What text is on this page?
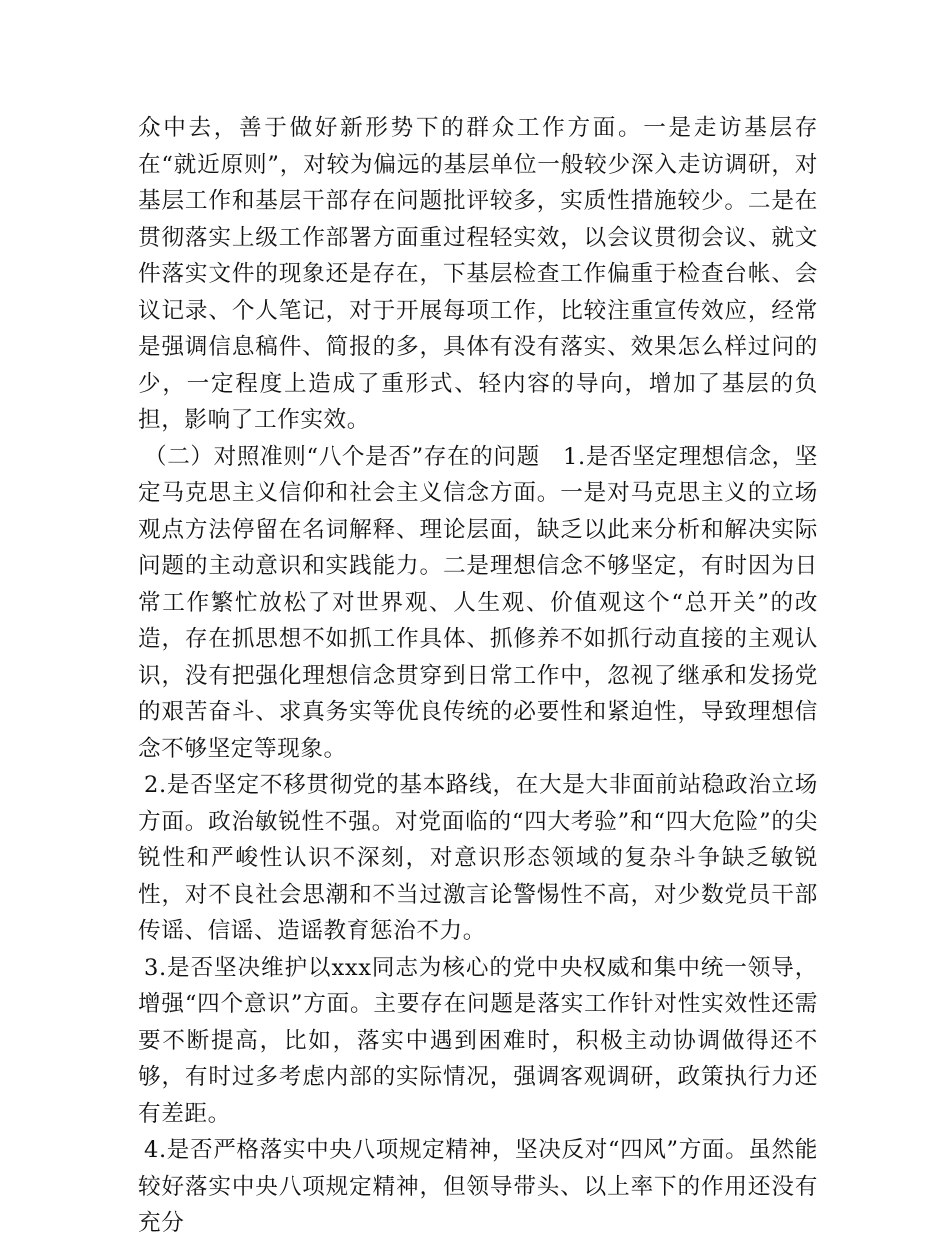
众中去，善于做好新形势下的群众工作方面。一是走访基层存在“就近原则”，对较为偏远的基层单位一般较少深入走访调研，对基层工作和基层干部存在问题批评较多，实质性措施较少。二是在贯彻落实上级工作部署方面重过程轻实效，以会议贯彻会议、就文件落实文件的现象还是存在，下基层检查工作偏重于检查台帐、会议记录、个人笔记，对于开展每项工作，比较注重宣传效应，经常是强调信息稿件、简报的多，具体有没有落实、效果怎么样过问的少，一定程度上造成了重形式、轻内容的导向，增加了基层的负担，影响了工作实效。

（二）对照准则“八个是否”存在的问题　1.是否坚定理想信念，坚定马克思主义信仰和社会主义信念方面。一是对马克思主义的立场观点方法停留在名词解释、理论层面，缺乏以此来分析和解决实际问题的主动意识和实践能力。二是理想信念不够坚定，有时因为日常工作繁忙放松了对世界观、人生观、价值观这个“总开关”的改造，存在抓思想不如抓工作具体、抓修养不如抓行动直接的主观认识，没有把强化理想信念贯穿到日常工作中，忽视了继承和发扬党的艰苦奋斗、求真务实等优良传统的必要性和紧迫性，导致理想信念不够坚定等现象。

2.是否坚定不移贯彻党的基本路线，在大是大非面前站稳政治立场方面。政治敏锐性不强。对党面临的“四大考验”和“四大危险”的尖锐性和严峻性认识不深刻，对意识形态领域的复杂斗争缺乏敏锐性，对不良社会思潮和不当过激言论警惕性不高，对少数党员干部传谣、信谣、造谣教育惩治不力。

3.是否坚决维护以xxx同志为核心的党中央权威和集中统一领导，增强“四个意识”方面。主要存在问题是落实工作针对性实效性还需要不断提高，比如，落实中遇到困难时，积极主动协调做得还不够，有时过多考虑内部的实际情况，强调客观调研，政策执行力还有差距。

4.是否严格落实中央八项规定精神，坚决反对“四风”方面。虽然能较好落实中央八项规定精神，但领导带头、以上率下的作用还没有充分
